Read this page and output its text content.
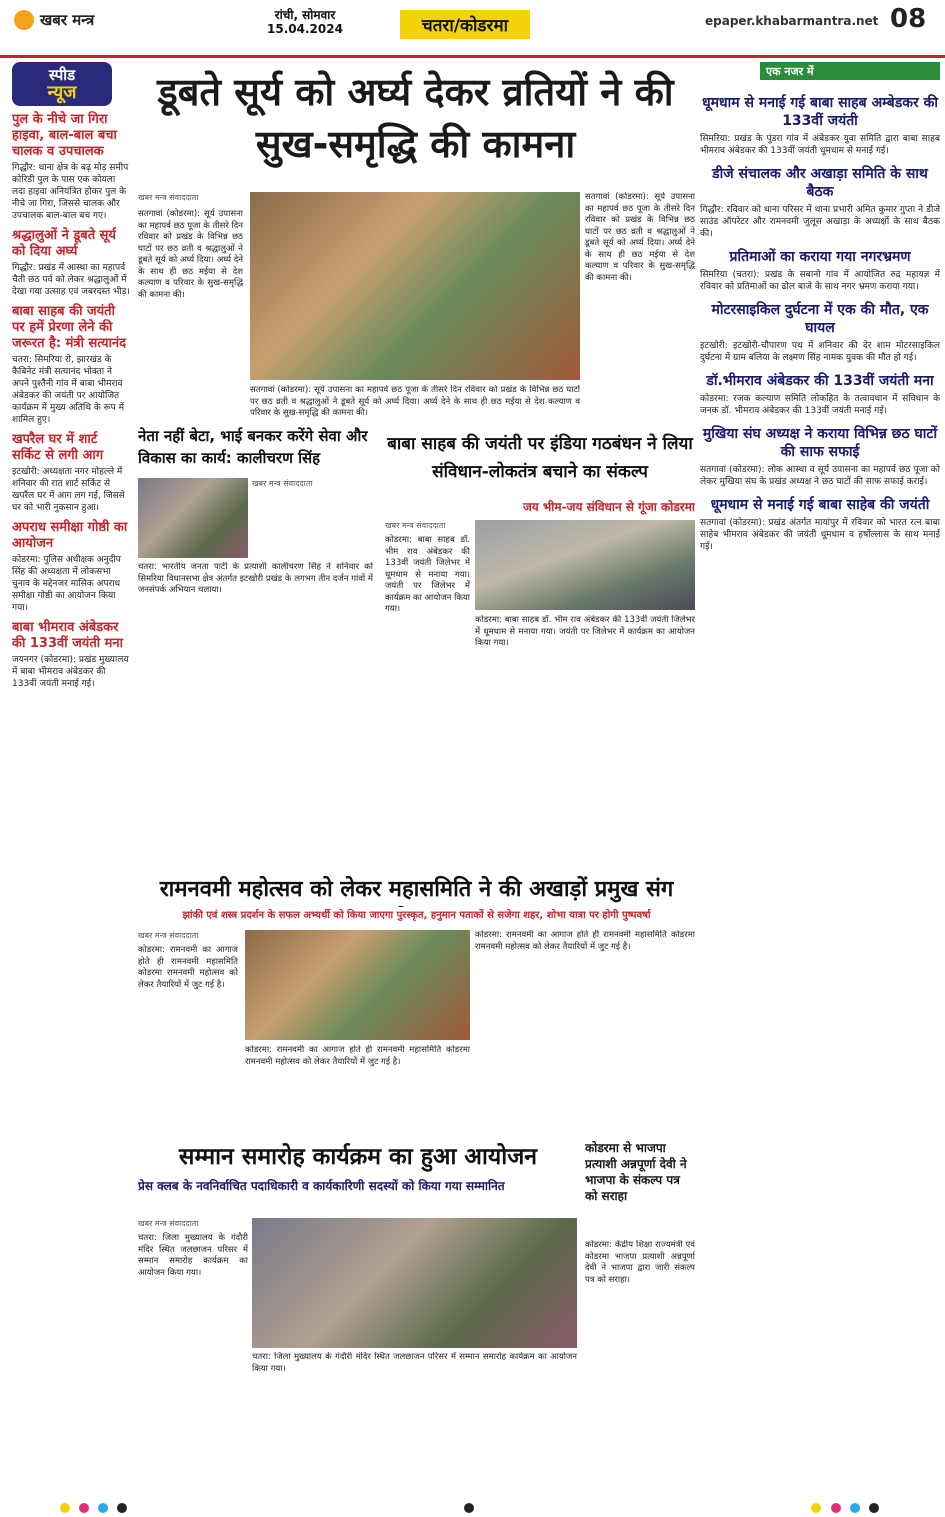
खबर मन्त्र	रांची, सोमवार
15.04.2024	चतरा/कोडरमा	epaper.khabarmantra.net 08
स्पीड
न्यूज
पुल के नीचे जा गिरा हाइवा, बाल-बाल बचा चालक व उपचालक
गिद्धौर: थाना क्षेत्र के बढ़ मोड़ समीप कोरिडी पुल के पास एक कोयला लदा हाइवा अनियंत्रित होकर पुल के नीचे जा गिरा, जिससे चालक और उपचालक बाल-बाल बच गए।
श्रद्धालुओं ने डूबते सूर्य को दिया अर्घ्य
गिद्धौर: प्रखंड में आस्था का महापर्व चैती छठ पर्व को लेकर श्रद्धालुओं में देखा गया उत्साह एवं जबरदस्त भीड़।
बाबा साहब की जयंती पर हमें प्रेरणा लेने की जरूरत है: मंत्री सत्यानंद
चतरा: सिमरिया रो, झारखंड के कैबिनेट मंत्री सत्यानंद भोक्ता ने अपने पुश्तैनी गांव में बाबा भीमराव अंबेडकर की जयंती पर आयोजित कार्यक्रम में मुख्य अतिथि के रूप में शामिल हुए।
खपरैल घर में शार्ट सर्किट से लगी आग
इटखोरी: अध्यक्षता नगर मोहल्ले में शनिवार की रात शार्ट सर्किट से खपरैल घर में आग लग गई, जिससे घर को भारी नुकसान हुआ।
अपराध समीक्षा गोष्ठी का आयोजन
कोडरमा: पुलिस अधीक्षक अनुदीप सिंह की अध्यक्षता में लोकसभा चुनाव के मद्देनजर मासिक अपराध समीक्षा गोष्ठी का आयोजन किया गया।
बाबा भीमराव अंबेडकर की 133वीं जयंती मना
जयनगर (कोडरमा): प्रखंड मुख्यालय में बाबा भीमराव अंबेडकर की 133वीं जयंती मनाई गई।
डूबते सूर्य को अर्घ्य देकर व्रतियों ने की सुख-समृद्धि की कामना
खबर मन्त्र संवाददाता
सतगावां (कोडरमा): सूर्य उपासना का महापर्व छठ पूजा के तीसरे दिन रविवार को प्रखंड के विभिन्न छठ घाटों पर छठ व्रती व श्रद्धालुओं ने डूबते सूर्य को अर्घ्य दिया। अर्घ्य देने के साथ ही छठ मईया से देश कल्याण व परिवार के सुख-समृद्धि की कामना की।
सतगावां (कोडरमा): सूर्य उपासना का महापर्व छठ पूजा के तीसरे दिन रविवार को प्रखंड के विभिन्न छठ घाटों पर छठ व्रती व श्रद्धालुओं ने डूबते सूर्य को अर्घ्य दिया। अर्घ्य देने के साथ ही छठ मईया से देश कल्याण व परिवार के सुख-समृद्धि की कामना की।
सतगावां (कोडरमा): सूर्य उपासना का महापर्व छठ पूजा के तीसरे दिन रविवार को प्रखंड के विभिन्न छठ घाटों पर छठ व्रती व श्रद्धालुओं ने डूबते सूर्य को अर्घ्य दिया। अर्घ्य देने के साथ ही छठ मईया से देश कल्याण व परिवार के सुख-समृद्धि की कामना की।
नेता नहीं बेटा, भाई बनकर करेंगे सेवा और विकास का कार्य: कालीचरण सिंह
खबर मन्त्र संवाददाता
चतरा: भारतीय जनता पार्टी के प्रत्याशी कालीचरण सिंह ने शनिवार को सिमरिया विधानसभा क्षेत्र अंतर्गत इटखोरी प्रखंड के लगभग तीन दर्जन गांवों में जनसंपर्क अभियान चलाया।
बाबा साहब की जयंती पर इंडिया गठबंधन ने लिया संविधान-लोकतंत्र बचाने का संकल्प
जय भीम-जय संविधान से गूंजा कोडरमा
खबर मन्त्र संवाददाता
कोडरमा: बाबा साहब डॉ. भीम राव अंबेडकर की 133वीं जयंती जिलेभर में धूमधाम से मनाया गया। जयंती पर जिलेभर में कार्यक्रम का आयोजन किया गया।
कोडरमा: बाबा साहब डॉ. भीम राव अंबेडकर की 133वीं जयंती जिलेभर में धूमधाम से मनाया गया। जयंती पर जिलेभर में कार्यक्रम का आयोजन किया गया।
रामनवमी महोत्सव को लेकर महासमिति ने की अखाड़ों प्रमुख संग
झांकी एवं शस्त्र प्रदर्शन के सफल अभ्यर्थी को किया जाएगा पुरस्कृत, हनुमान पताकों से सजेगा शहर, शोभा यात्रा पर होगी पुष्पवर्षा
खबर मन्त्र संवाददाता
कोडरमा: रामनवमी का आगाज होते ही रामनवमी महासमिति कोडरमा रामनवमी महोत्सव को लेकर तैयारियों में जुट गई है।
कोडरमा: रामनवमी का आगाज होते ही रामनवमी महासमिति कोडरमा रामनवमी महोत्सव को लेकर तैयारियों में जुट गई है।
कोडरमा: रामनवमी का आगाज होते ही रामनवमी महासमिति कोडरमा रामनवमी महोत्सव को लेकर तैयारियों में जुट गई है।
सम्मान समारोह कार्यक्रम का हुआ आयोजन
प्रेस क्लब के नवनिर्वाचित पदाधिकारी व कार्यकारिणी सदस्यों को किया गया सम्मानित
खबर मन्त्र संवाददाता
चतरा: जिला मुख्यालय के गंदौरी मंदिर स्थित जलछाजन परिसर में सम्मान समारोह कार्यक्रम का आयोजन किया गया।
चतरा: जिला मुख्यालय के गंदौरी मंदिर स्थित जलछाजन परिसर में सम्मान समारोह कार्यक्रम का आयोजन किया गया।
कोडरमा से भाजपा प्रत्याशी अन्नपूर्णा देवी ने भाजपा के संकल्प पत्र को सराहा
कोडरमा: केंद्रीय शिक्षा राज्यमंत्री एवं कोडरमा भाजपा प्रत्याशी अन्नपूर्णा देवी ने भाजपा द्वारा जारी संकल्प पत्र को सराहा।
एक नजर में
धूमधाम से मनाई गई बाबा साहब अम्बेडकर की 133वीं जयंती
सिमरिया: प्रखंड के पुंडरा गांव में अंबेडकर युवा समिति द्वारा बाबा साहब भीमराव अंबेडकर की 133वीं जयंती धूमधाम से मनाई गई।
डीजे संचालक और अखाड़ा समिति के साथ बैठक
गिद्धौर: रविवार को थाना परिसर में थाना प्रभारी अमित कुमार गुप्ता ने डीजे साउंड ऑपरेटर और रामनवमी जुलूस अखाड़ा के अध्यक्षों के साथ बैठक की।
प्रतिमाओं का कराया गया नगरभ्रमण
सिमरिया (चतरा): प्रखंड के सबानो गांव में आयोजित रुद्र महायज्ञ में रविवार को प्रतिमाओं का ढोल बाजे के साथ नगर भ्रमण कराया गया।
मोटरसाइकिल दुर्घटना में एक की मौत, एक घायल
इटखोरी: इटखोरी-चौपारण पथ में शनिवार की देर शाम मोटरसाइकिल दुर्घटना में ग्राम बलिया के लक्ष्मण सिंह नामक युवक की मौत हो गई।
डॉ.भीमराव अंबेडकर की 133वीं जयंती मना
कोडरमा: रजक कल्याण समिति लोकहित के तत्वावधान में संविधान के जनक डॉ. भीमराव अंबेडकर की 133वीं जयंती मनाई गई।
मुखिया संघ अध्यक्ष ने कराया विभिन्न छठ घाटों की साफ सफाई
सतगावां (कोडरमा): लोक आस्था व सूर्य उपासना का महापर्व छठ पूजा को लेकर मुखिया संघ के प्रखंड अध्यक्ष ने छठ घाटों की साफ सफाई कराई।
धूमधाम से मनाई गई बाबा साहेब की जयंती
सतगावां (कोडरमा): प्रखंड अंतर्गत मायांपुर में रविवार को भारत रत्न बाबा साहेब भीमराव अंबेडकर की जयंती धूमधाम व हर्षोल्लास के साथ मनाई गई।
